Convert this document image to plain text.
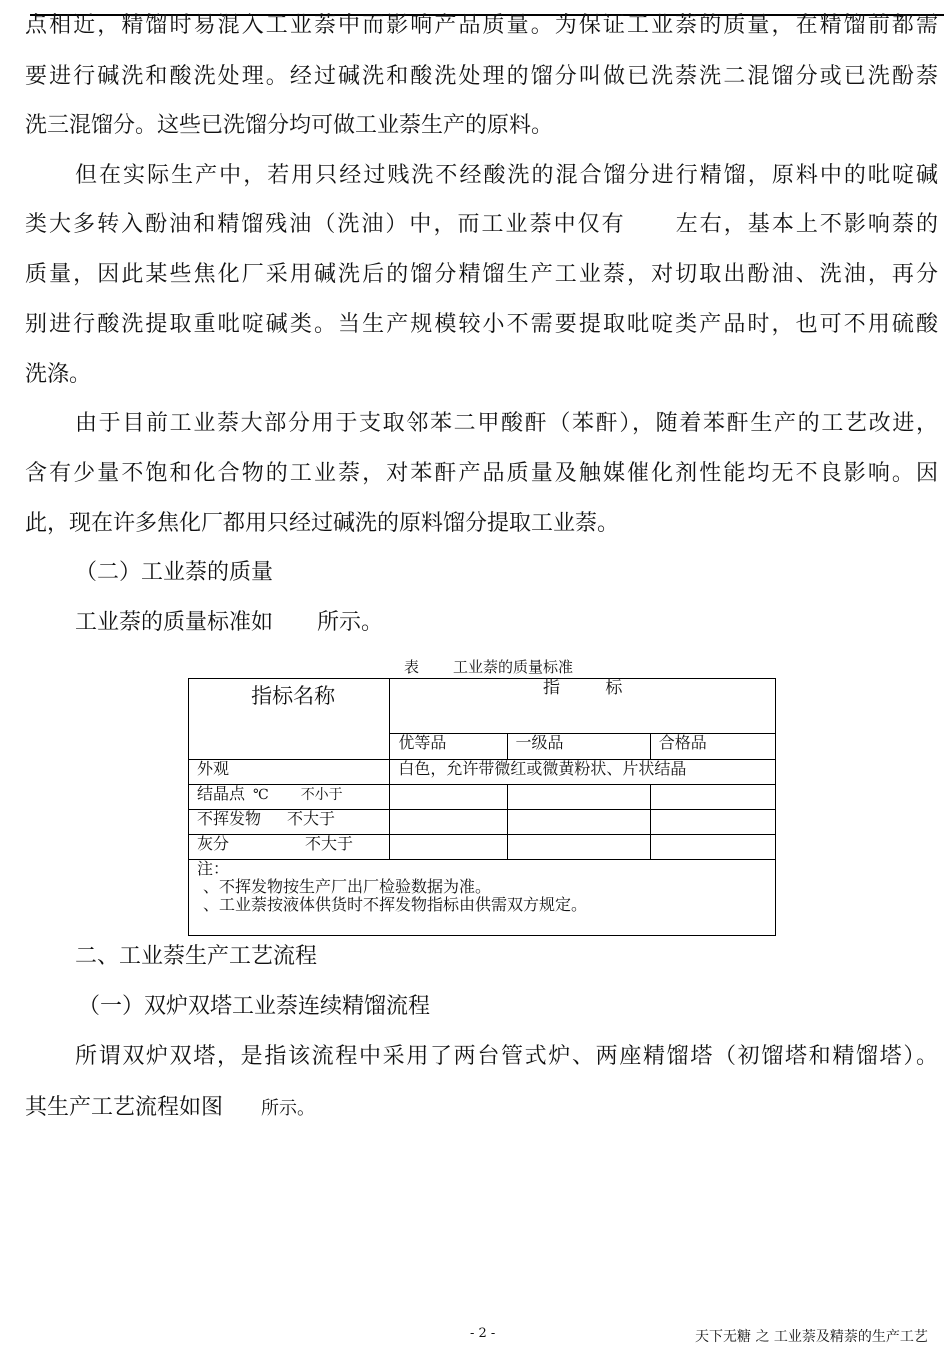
点相近，精馏时易混入工业萘中而影响产品质量。为保证工业萘的质量，在精馏前都需
要进行碱洗和酸洗处理。经过碱洗和酸洗处理的馏分叫做已洗萘洗二混馏分或已洗酚萘
洗三混馏分。这些已洗馏分均可做工业萘生产的原料。
但在实际生产中，若用只经过贱洗不经酸洗的混合馏分进行精馏，原料中的吡啶碱
类大多转入酚油和精馏残油（洗油）中，而工业萘中仅有 左右，基本上不影响萘的
质量，因此某些焦化厂采用碱洗后的馏分精馏生产工业萘，对切取出酚油、洗油，再分
别进行酸洗提取重吡啶碱类。当生产规模较小不需要提取吡啶类产品时，也可不用硫酸
洗涤。
由于目前工业萘大部分用于支取邻苯二甲酸酐（苯酐），随着苯酐生产的工艺改进，
含有少量不饱和化合物的工业萘，对苯酐产品质量及触媒催化剂性能均无不良影响。因
此，现在许多焦化厂都用只经过碱洗的原料馏分提取工业萘。
（二）工业萘的质量
工业萘的质量标准如 所示。
表 工业萘的质量标准
指标名称	指 标		
	优等品	一级品	合格品
外观	白色，允许带微红或微黄粉状、片状结晶		
结晶点 ℃ 不小于			
不挥发物 不大于			
灰分 不大于			

注：
、不挥发物按生产厂出厂检验数据为准。
、工业萘按液体供货时不挥发物指标由供需双方规定。			
二、工业萘生产工艺流程
（一）双炉双塔工业萘连续精馏流程
所谓双炉双塔，是指该流程中采用了两台管式炉、两座精馏塔（初馏塔和精馏塔）。
其生产工艺流程如图 所示。
- 2 -	天下无糖 之 工业萘及精萘的生产工艺
